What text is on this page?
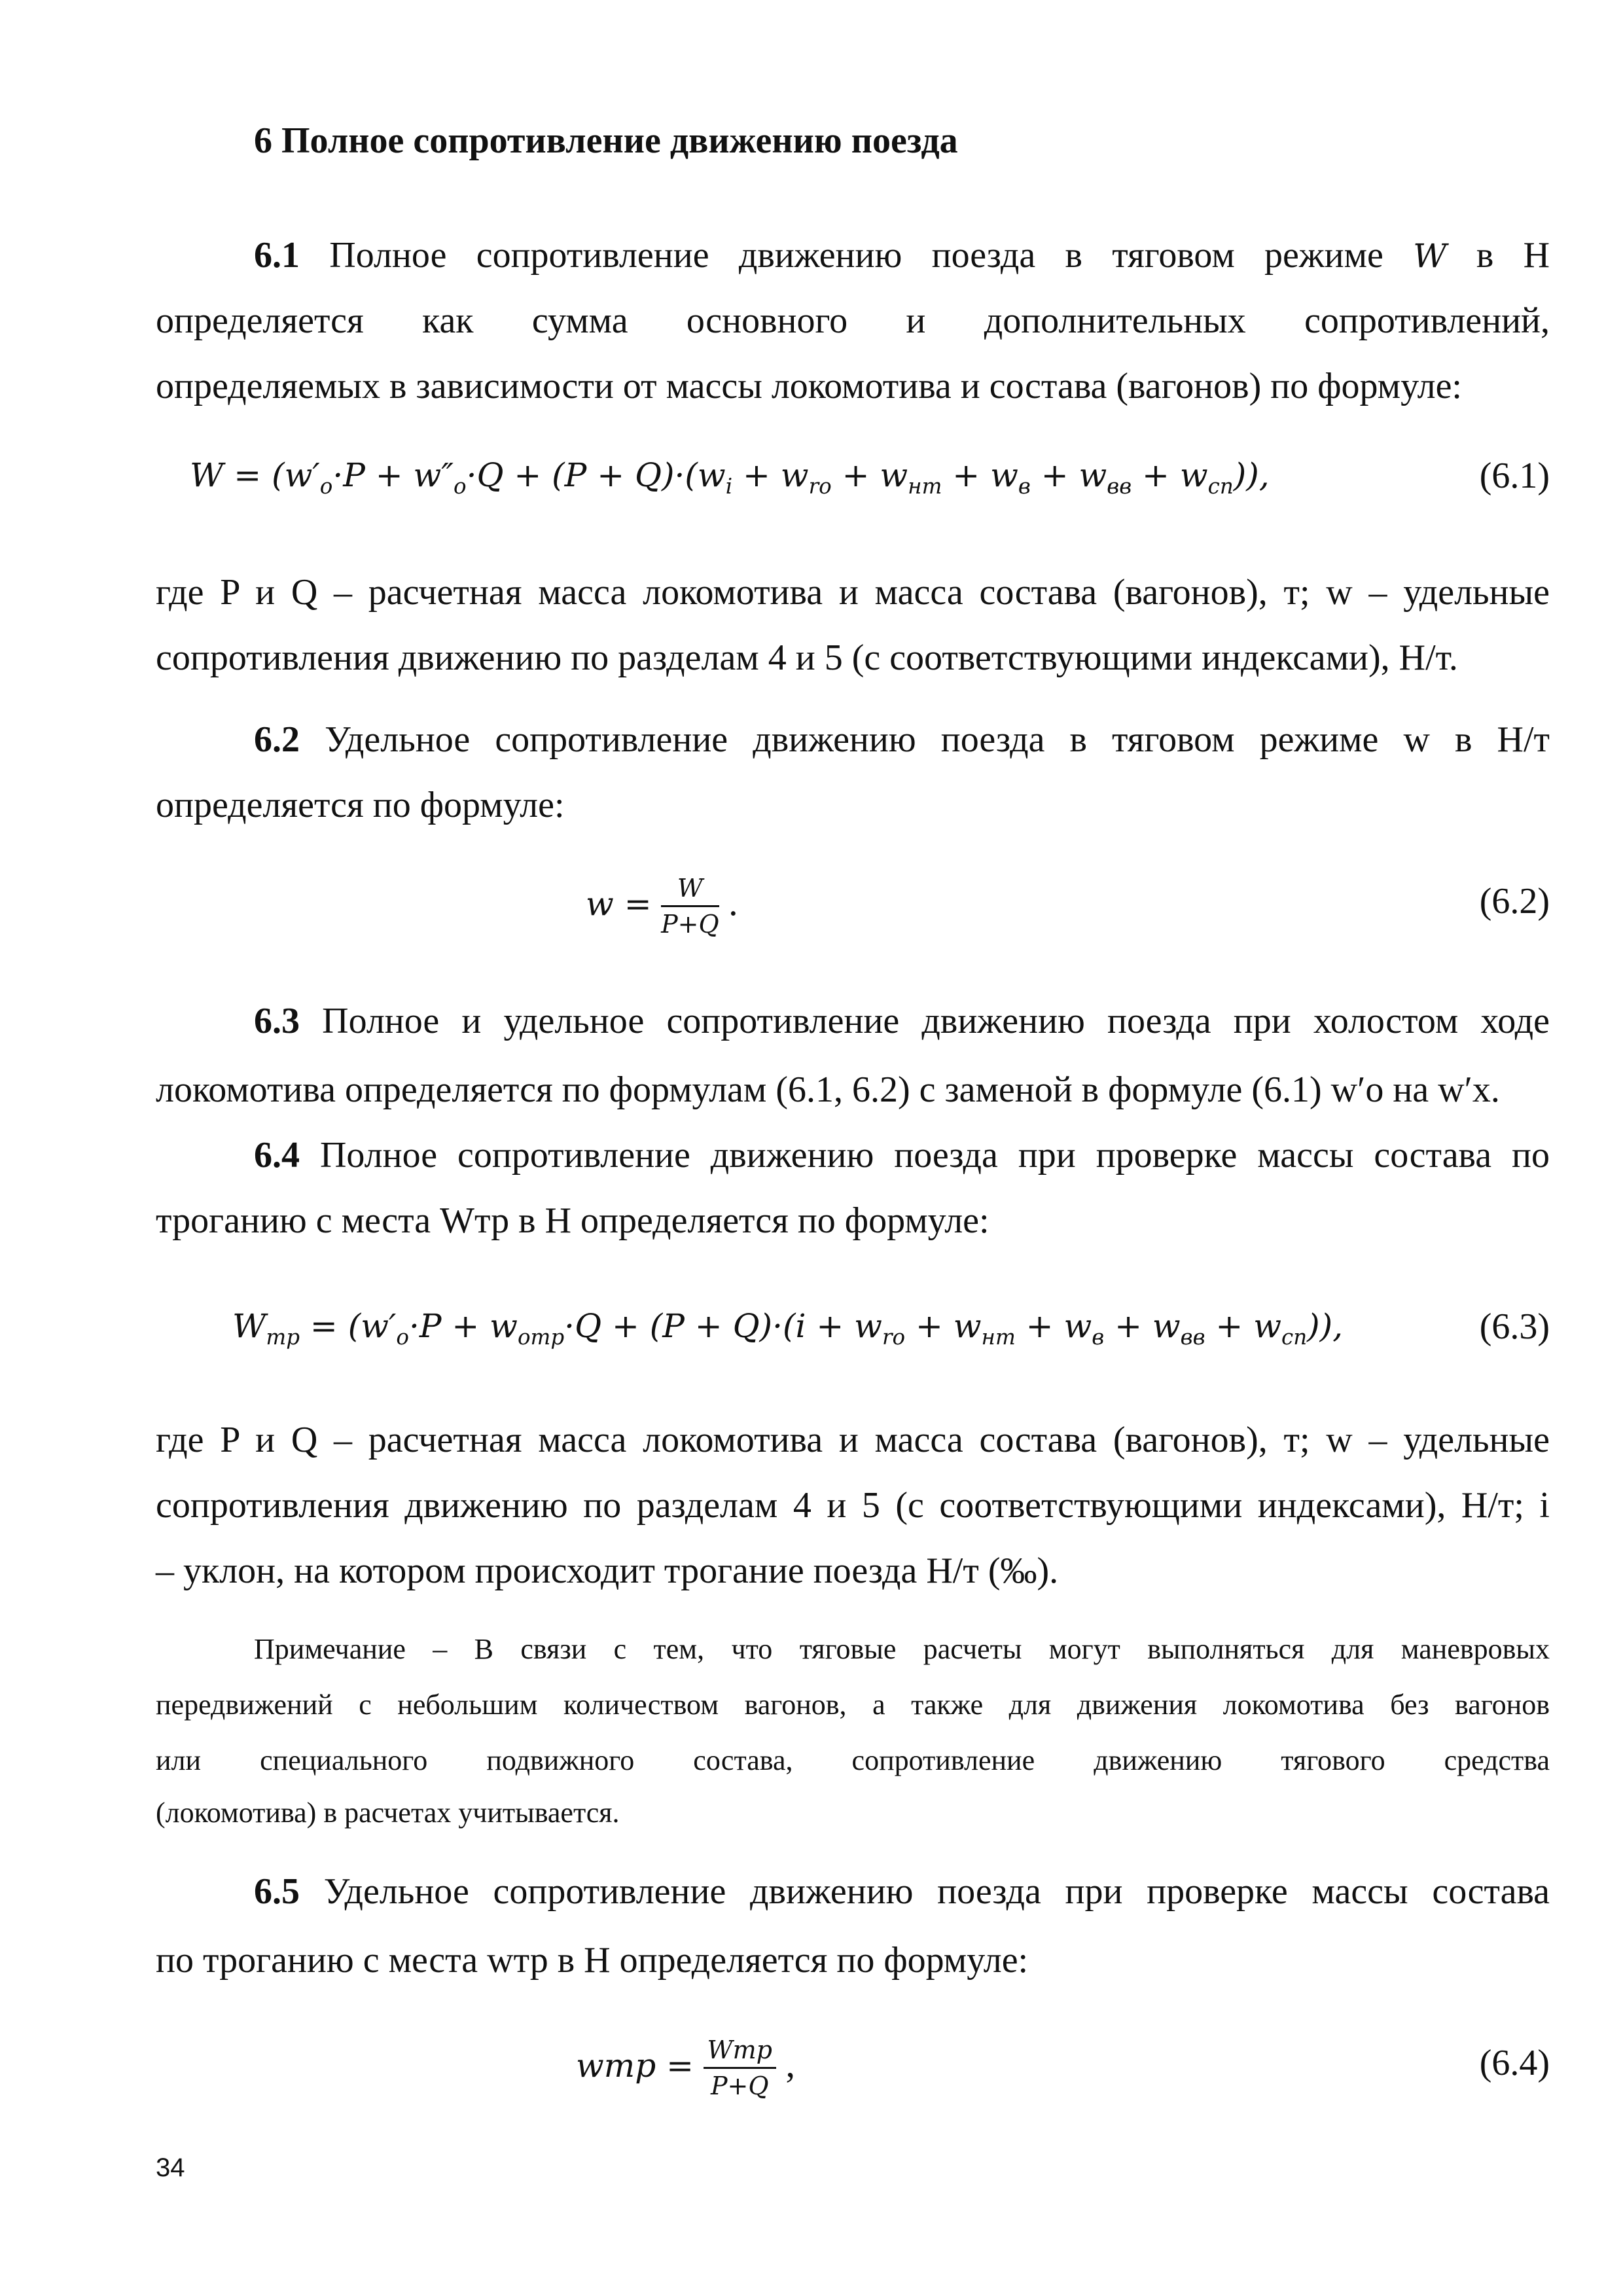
6 Полное сопротивление движению поезда
6.1 Полное сопротивление движению поезда в тяговом режиме W в Н
определяется как сумма основного и дополнительных сопротивлений,
определяемых в зависимости от массы локомотива и состава (вагонов) по формуле:
$W = (w'_o\cdot P + w''_o\cdot Q + (P + Q)\cdot(w_i + w_{ro} + w_{нт} + w_в + w_{вв} + w_{cп}))$,	(6.1)
где P и Q – расчетная масса локомотива и масса состава (вагонов), т; w – удельные
сопротивления движению по разделам 4 и 5 (с соответствующими индексами), Н/т.
6.2 Удельное сопротивление движению поезда в тяговом режиме w в Н/т
определяется по формуле:
$w = \frac{W}{P+Q}$ .	(6.2)
6.3 Полное и удельное сопротивление движению поезда при холостом ходе
локомотива определяется по формулам (6.1, 6.2) с заменой в формуле (6.1) w′o на w′x.
6.4 Полное сопротивление движению поезда при проверке массы состава по
троганию с места Wтр в Н определяется по формуле:
$W_{тр} = (w'_o\cdot P + w_{отр}\cdot Q + (P + Q)\cdot(i + w_{ro} + w_{нт} + w_в + w_{вв} + w_{cп}))$,	(6.3)
где P и Q – расчетная масса локомотива и масса состава (вагонов), т; w – удельные
сопротивления движению по разделам 4 и 5 (с соответствующими индексами), Н/т; i
– уклон, на котором происходит трогание поезда Н/т (‰).
Примечание – В связи с тем, что тяговые расчеты могут выполняться для маневровых
передвижений с небольшим количеством вагонов, а также для движения локомотива без вагонов
или специального подвижного состава, сопротивление движению тягового средства
(локомотива) в расчетах учитывается.
6.5 Удельное сопротивление движению поезда при проверке массы состава
по троганию с места wтр в Н определяется по формуле:
wтр = $\frac{\text{Wтр}}{P+Q}$ ,	(6.4)
34
